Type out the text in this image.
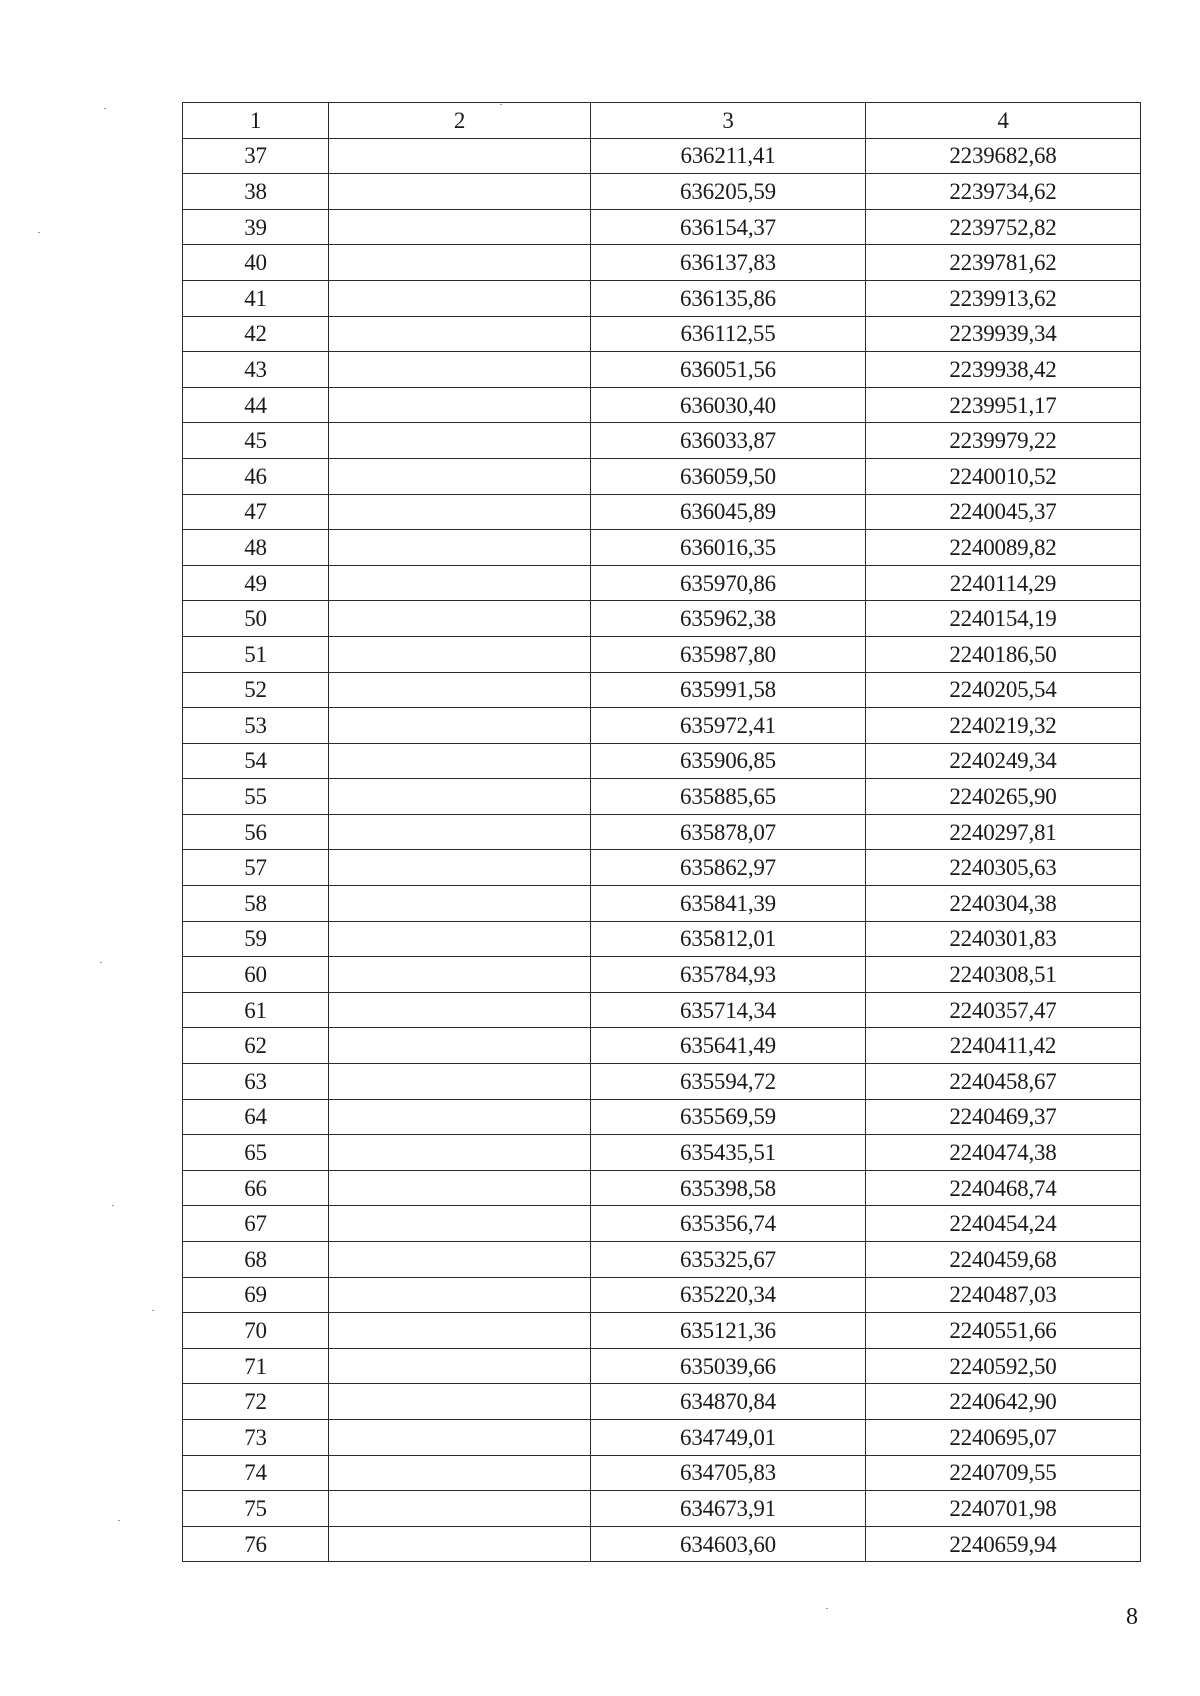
1	2	3	4
37		636211,41	2239682,68
38		636205,59	2239734,62
39		636154,37	2239752,82
40		636137,83	2239781,62
41		636135,86	2239913,62
42		636112,55	2239939,34
43		636051,56	2239938,42
44		636030,40	2239951,17
45		636033,87	2239979,22
46		636059,50	2240010,52
47		636045,89	2240045,37
48		636016,35	2240089,82
49		635970,86	2240114,29
50		635962,38	2240154,19
51		635987,80	2240186,50
52		635991,58	2240205,54
53		635972,41	2240219,32
54		635906,85	2240249,34
55		635885,65	2240265,90
56		635878,07	2240297,81
57		635862,97	2240305,63
58		635841,39	2240304,38
59		635812,01	2240301,83
60		635784,93	2240308,51
61		635714,34	2240357,47
62		635641,49	2240411,42
63		635594,72	2240458,67
64		635569,59	2240469,37
65		635435,51	2240474,38
66		635398,58	2240468,74
67		635356,74	2240454,24
68		635325,67	2240459,68
69		635220,34	2240487,03
70		635121,36	2240551,66
71		635039,66	2240592,50
72		634870,84	2240642,90
73		634749,01	2240695,07
74		634705,83	2240709,55
75		634673,91	2240701,98
76		634603,60	2240659,94
8
